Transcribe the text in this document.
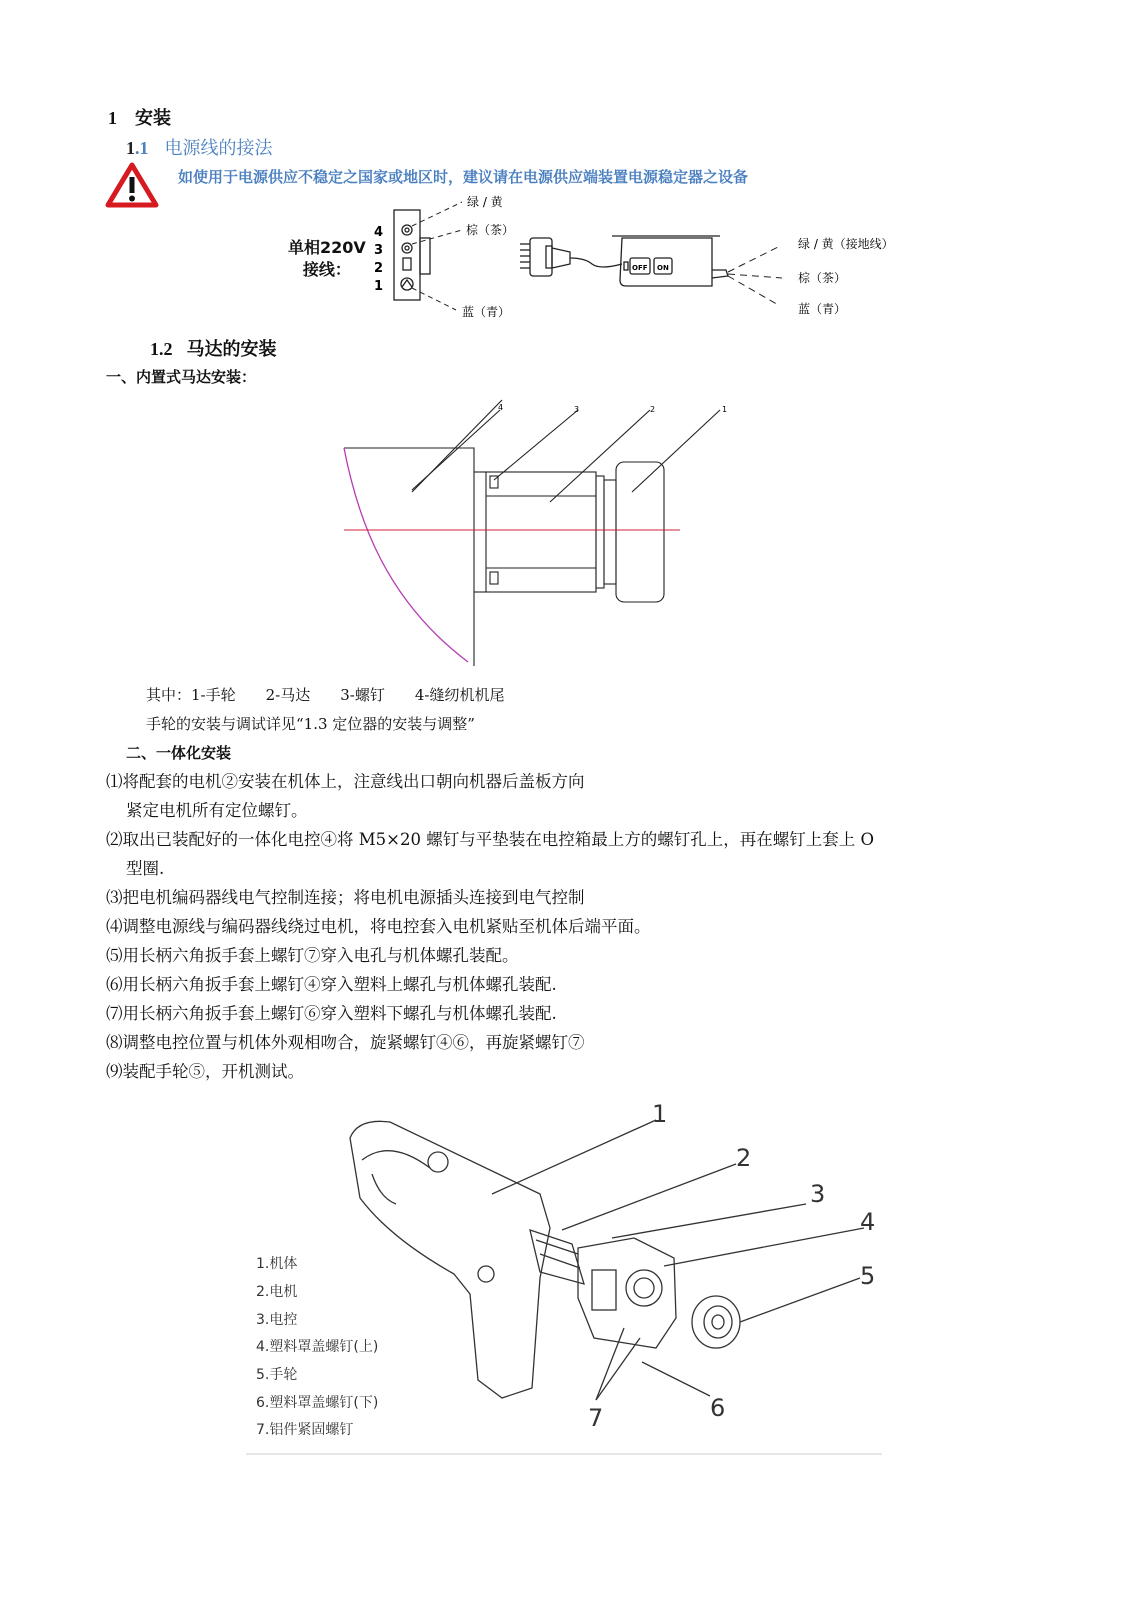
1 安装
1.1 电源线的接法
如使用于电源供应不稳定之国家或地区时，建议请在电源供应端装置电源稳定器之设备
单相220V
接线：
4
3
2
1
绿 / 黄
棕（茶）
蓝（青）
OFF ON
绿 / 黄（接地线）
棕（茶）
蓝（青）
1.2 马达的安装
一、内置式马达安装：
4	3	2	1
其中：1-手轮　　2-马达　　3-螺钉　　4-缝纫机机尾
手轮的安装与调试详见“1.3 定位器的安装与调整”
二、一体化安装
⑴将配套的电机②安装在机体上，注意线出口朝向机器后盖板方向
紧定电机所有定位螺钉。
⑵取出已装配好的一体化电控④将 M5×20 螺钉与平垫装在电控箱最上方的螺钉孔上，再在螺钉上套上 O
型圈.
⑶把电机编码器线电气控制连接；将电机电源插头连接到电气控制
⑷调整电源线与编码器线绕过电机，将电控套入电机紧贴至机体后端平面。
⑸用长柄六角扳手套上螺钉⑦穿入电孔与机体螺孔装配。
⑹用长柄六角扳手套上螺钉④穿入塑料上螺孔与机体螺孔装配.
⑺用长柄六角扳手套上螺钉⑥穿入塑料下螺孔与机体螺孔装配.
⑻调整电控位置与机体外观相吻合，旋紧螺钉④⑥，再旋紧螺钉⑦
⑼装配手轮⑤，开机测试。
1
2
3
4
5
6
7
1.机体
2.电机
3.电控
4.塑料罩盖螺钉(上)
5.手轮
6.塑料罩盖螺钉(下)
7.铝件紧固螺钉
